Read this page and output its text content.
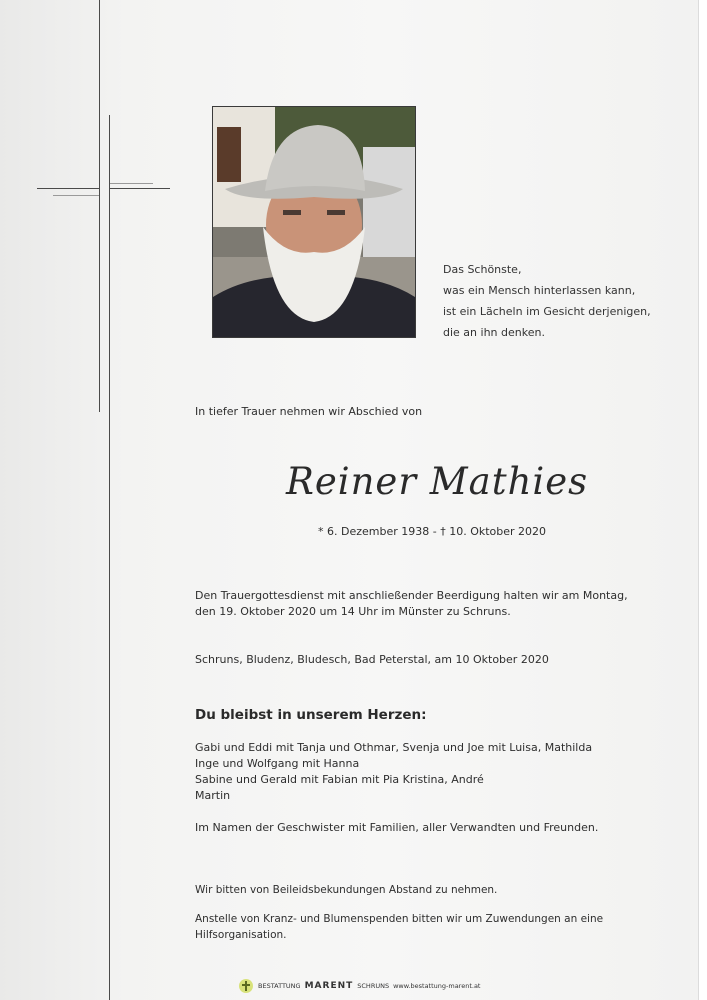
Das Schönste,
was ein Mensch hinterlassen kann,
ist ein Lächeln im Gesicht derjenigen,
die an ihn denken.
In tiefer Trauer nehmen wir Abschied von
Reiner Mathies
* 6. Dezember 1938 - † 10. Oktober 2020
Den Trauergottesdienst mit anschließender Beerdigung halten wir am Montag,
den 19. Oktober 2020 um 14 Uhr im Münster zu Schruns.
Schruns, Bludenz, Bludesch, Bad Peterstal, am 10 Oktober 2020
Du bleibst in unserem Herzen:
Gabi und Eddi mit Tanja und Othmar, Svenja und Joe mit Luisa, Mathilda
Inge und Wolfgang mit Hanna
Sabine und Gerald mit Fabian mit Pia Kristina, André
Martin
Im Namen der Geschwister mit Familien, aller Verwandten und Freunden.
Wir bitten von Beileidsbekundungen Abstand zu nehmen.
Anstelle von Kranz- und Blumenspenden bitten wir um Zuwendungen an eine
Hilfsorganisation.
BESTATTUNG MARENT SCHRUNS www.bestattung-marent.at
